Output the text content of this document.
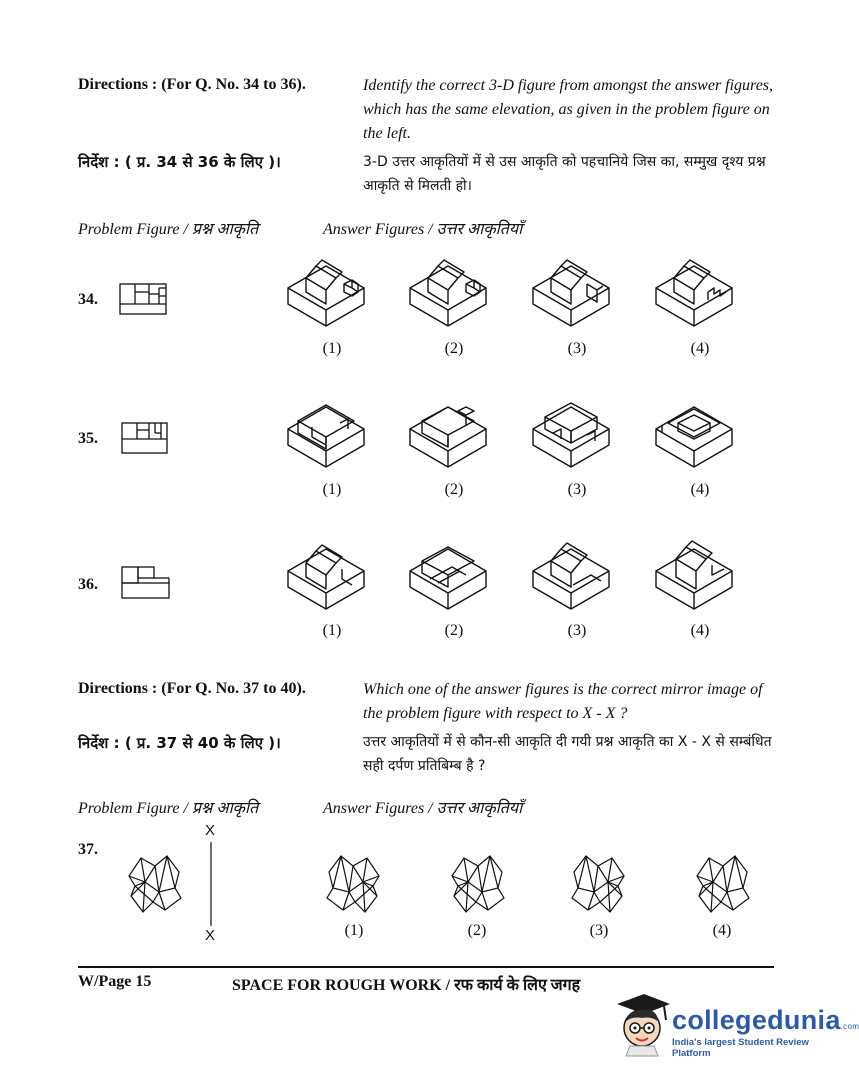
Directions : (For Q. No. 34 to 36).	Identify the correct 3-D figure from amongst the answer figures, which has the same elevation, as given in the problem figure on the left.
निर्देश : ( प्र. 34 से 36 के लिए )।	3-D उत्तर आकृतियों में से उस आकृति को पहचानिये जिस का, सम्मुख दृश्य प्रश्न आकृति से मिलती हो।
Problem Figure / प्रश्न आकृति	Answer Figures / उत्तर आकृतियाँ
34.
35.
36.
(1)	(2)	(3)	(4)
(1)	(2)	(3)	(4)
(1)	(2)	(3)	(4)
Directions : (For Q. No. 37 to 40).	Which one of the answer figures is the correct mirror image of the problem figure with respect to X - X ?
निर्देश : ( प्र. 37 से 40 के लिए )।	उत्तर आकृतियों में से कौन-सी आकृति दी गयी प्रश्न आकृति का X - X से सम्बंधित सही दर्पण प्रतिबिम्ब है ?
Problem Figure / प्रश्न आकृति	Answer Figures / उत्तर आकृतियाँ
37.
X
X	(1)	(2)	(3)	(4)
W/Page 15	SPACE FOR ROUGH WORK / रफ कार्य के लिए जगह
collegedunia.com
India's largest Student Review Platform
